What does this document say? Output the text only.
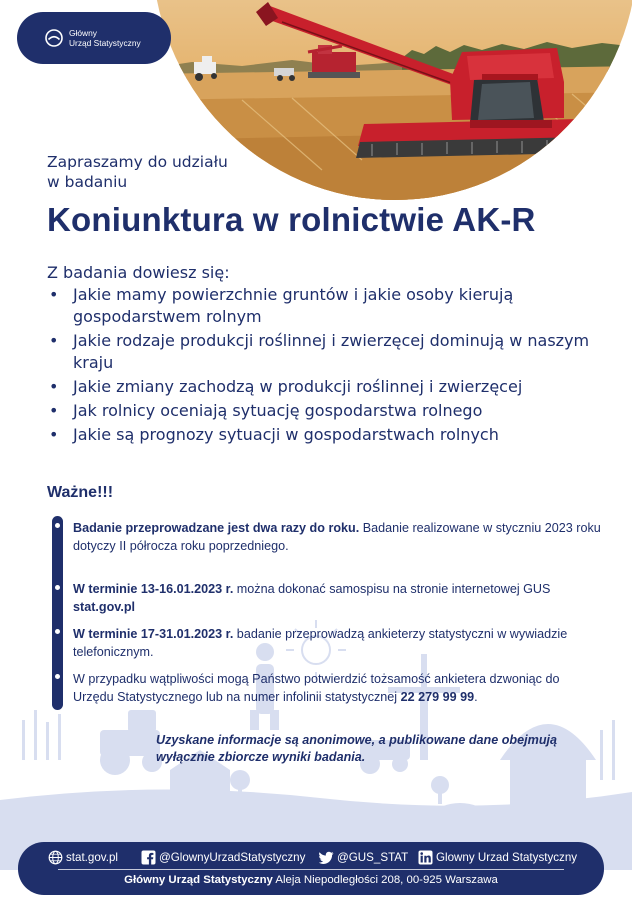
Główny
Urząd Statystyczny
Zapraszamy do udziału
w badaniu
Koniunktura w rolnictwie AK-R
Z badania dowiesz się:
• Jakie mamy powierzchnie gruntów i jakie osoby kierują gospodarstwem rolnym
• Jakie rodzaje produkcji roślinnej i zwierzęcej dominują w naszym kraju
• Jakie zmiany zachodzą w produkcji roślinnej i zwierzęcej
• Jak rolnicy oceniają sytuację gospodarstwa rolnego
• Jakie są prognozy sytuacji w gospodarstwach rolnych
Ważne!!!
Badanie przeprowadzane jest dwa razy do roku. Badanie realizowane w styczniu 2023 roku dotyczy II półrocza roku poprzedniego.
W terminie 13-16.01.2023 r. można dokonać samospisu na stronie internetowej GUS stat.gov.pl
W terminie 17-31.01.2023 r. badanie przeprowadzą ankieterzy statystyczni w wywiadzie telefonicznym.
W przypadku wątpliwości mogą Państwo potwierdzić tożsamość ankietera dzwoniąc do Urzędu Statystycznego lub na numer infolinii statystycznej 22 279 99 99.
Uzyskane informacje są anonimowe, a publikowane dane obejmują wyłącznie zbiorcze wyniki badania.
stat.gov.pl	@GlownyUrzadStatystyczny	@GUS_STAT Glowny Urzad Statystyczny
Główny Urząd Statystyczny Aleja Niepodległości 208, 00-925 Warszawa
